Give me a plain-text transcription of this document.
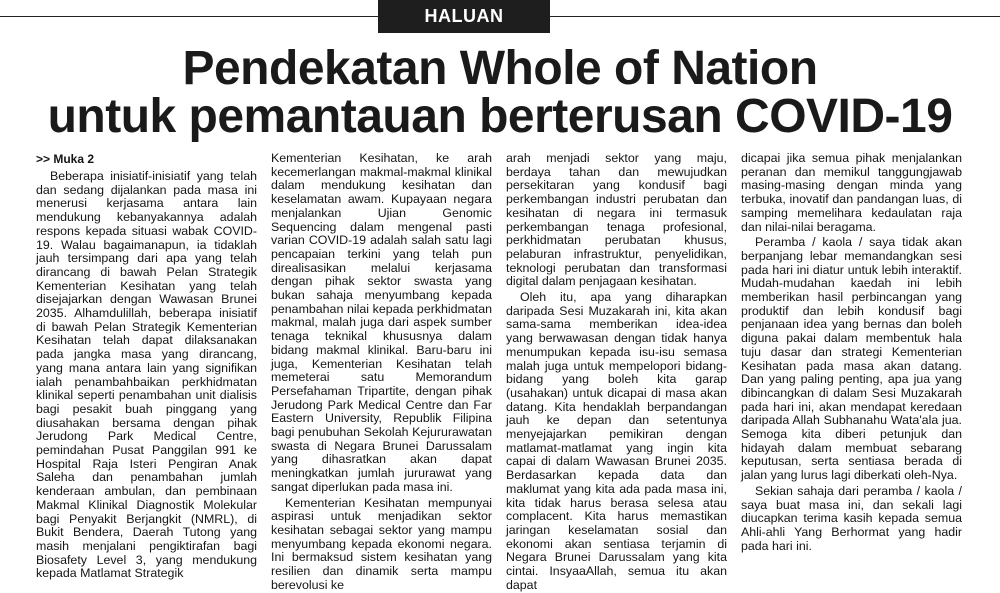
HALUAN
Pendekatan Whole of Nation
untuk pemantauan berterusan COVID-19
>> Muka 2

Beberapa inisiatif-inisiatif yang telah dan sedang dijalankan pada masa ini menerusi kerjasama antara lain mendukung kebanyakannya adalah respons kepada situasi wabak COVID-19. Walau bagaimanapun, ia tidaklah jauh tersimpang dari apa yang telah dirancang di bawah Pelan Strategik Kementerian Kesihatan yang telah disejajarkan dengan Wawasan Brunei 2035. Alhamdulillah, beberapa inisiatif di bawah Pelan Strategik Kementerian Kesihatan telah dapat dilaksanakan pada jangka masa yang dirancang, yang mana antara lain yang signifikan ialah penambahbaikan perkhidmatan klinikal seperti penambahan unit dialisis bagi pesakit buah pinggang yang diusahakan bersama dengan pihak Jerudong Park Medical Centre, pemindahan Pusat Panggilan 991 ke Hospital Raja Isteri Pengiran Anak Saleha dan penambahan jumlah kenderaan ambulan, dan pembinaan Makmal Klinikal Diagnostik Molekular bagi Penyakit Berjangkit (NMRL), di Bukit Bendera, Daerah Tutong yang masih menjalani pengiktirafan bagi Biosafety Level 3, yang mendukung kepada Matlamat Strategik

Kementerian Kesihatan, ke arah kecemerlangan makmal-makmal klinikal dalam mendukung kesihatan dan keselamatan awam. Kupayaan negara menjalankan Ujian Genomic Sequencing dalam mengenal pasti varian COVID-19 adalah salah satu lagi pencapaian terkini yang telah pun direalisasikan melalui kerjasama dengan pihak sektor swasta yang bukan sahaja menyumbang kepada penambahan nilai kepada perkhidmatan makmal, malah juga dari aspek sumber tenaga teknikal khususnya dalam bidang makmal klinikal. Baru-baru ini juga, Kementerian Kesihatan telah memeterai satu Memorandum Persefahaman Tripartite, dengan pihak Jerudong Park Medical Centre dan Far Eastern University, Republik Filipina bagi penubuhan Sekolah Kejururawatan swasta di Negara Brunei Darussalam yang dihasratkan akan dapat meningkatkan jumlah jururawat yang sangat diperlukan pada masa ini.

Kementerian Kesihatan mempunyai aspirasi untuk menjadikan sektor kesihatan sebagai sektor yang mampu menyumbang kepada ekonomi negara. Ini bermaksud sistem kesihatan yang resilien dan dinamik serta mampu berevolusi ke

arah menjadi sektor yang maju, berdaya tahan dan mewujudkan persekitaran yang kondusif bagi perkembangan industri perubatan dan kesihatan di negara ini termasuk perkembangan tenaga profesional, perkhidmatan perubatan khusus, pelaburan infrastruktur, penyelidikan, teknologi perubatan dan transformasi digital dalam penjagaan kesihatan.

Oleh itu, apa yang diharapkan daripada Sesi Muzakarah ini, kita akan sama-sama memberikan idea-idea yang berwawasan dengan tidak hanya menumpukan kepada isu-isu semasa malah juga untuk mempelopori bidang-bidang yang boleh kita garap (usahakan) untuk dicapai di masa akan datang. Kita hendaklah berpandangan jauh ke depan dan setentunya menyejajarkan pemikiran dengan matlamat-matlamat yang ingin kita capai di dalam Wawasan Brunei 2035. Berdasarkan kepada data dan maklumat yang kita ada pada masa ini, kita tidak harus berasa selesa atau complacent. Kita harus memastikan jaringan keselamatan sosial dan ekonomi akan sentiasa terjamin di Negara Brunei Darussalam yang kita cintai. InsyaaAllah, semua itu akan dapat

dicapai jika semua pihak menjalankan peranan dan memikul tanggungjawab masing-masing dengan minda yang terbuka, inovatif dan pandangan luas, di samping memelihara kedaulatan raja dan nilai-nilai beragama.

Peramba / kaola / saya tidak akan berpanjang lebar memandangkan sesi pada hari ini diatur untuk lebih interaktif. Mudah-mudahan kaedah ini lebih memberikan hasil perbincangan yang produktif dan lebih kondusif bagi penjanaan idea yang bernas dan boleh diguna pakai dalam membentuk hala tuju dasar dan strategi Kementerian Kesihatan pada masa akan datang. Dan yang paling penting, apa jua yang dibincangkan di dalam Sesi Muzakarah pada hari ini, akan mendapat keredaan daripada Allah Subhanahu Wata'ala jua. Semoga kita diberi petunjuk dan hidayah dalam membuat sebarang keputusan, serta sentiasa berada di jalan yang lurus lagi diberkati oleh-Nya.

Sekian sahaja dari peramba / kaola / saya buat masa ini, dan sekali lagi diucapkan terima kasih kepada semua Ahli-ahli Yang Berhormat yang hadir pada hari ini.
